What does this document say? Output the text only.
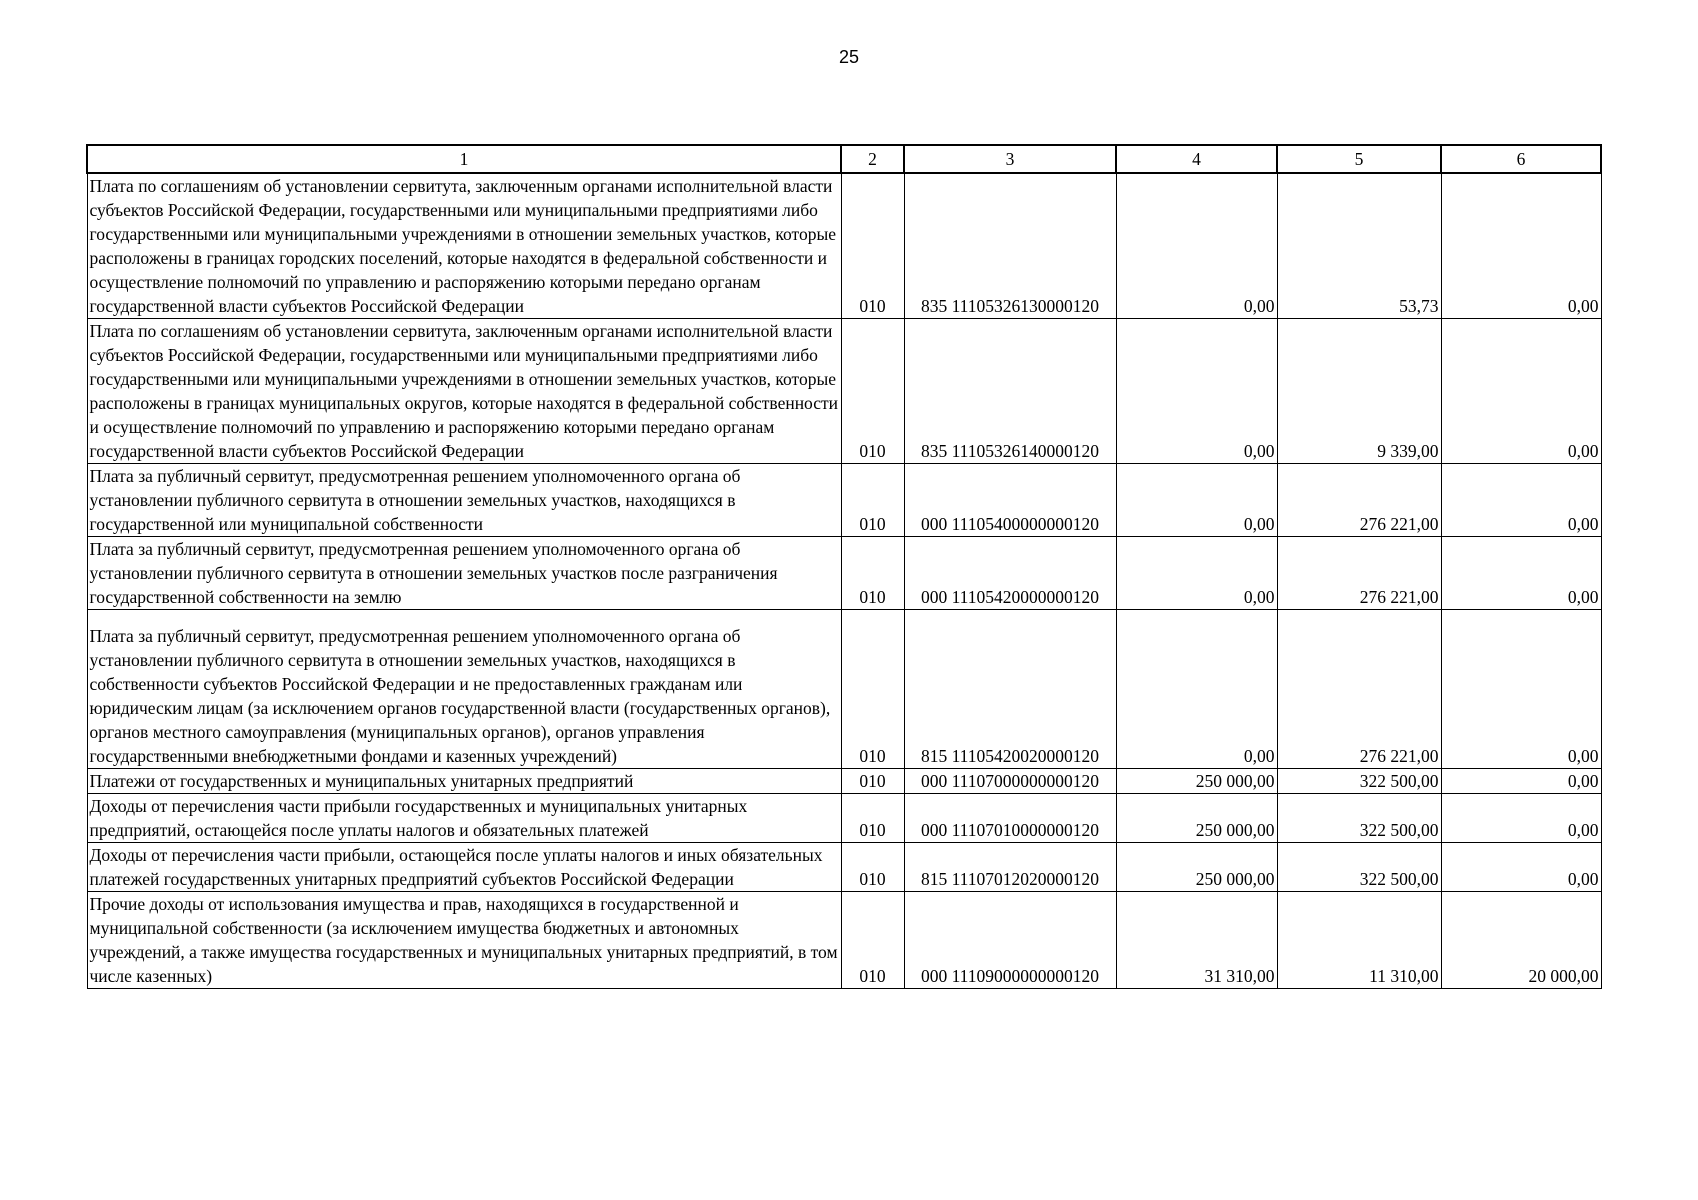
25
1	2	3	4	5	6
Плата по соглашениям об установлении сервитута, заключенным органами исполнительной власти субъектов Российской Федерации, государственными или муниципальными предприятиями либо государственными или муниципальными учреждениями в отношении земельных участков, которые расположены в границах городских поселений, которые находятся в федеральной собственности и осуществление полномочий по управлению и распоряжению которыми передано органам государственной власти субъектов Российской Федерации	010	835 11105326130000120	0,00	53,73	0,00
Плата по соглашениям об установлении сервитута, заключенным органами исполнительной власти субъектов Российской Федерации, государственными или муниципальными предприятиями либо государственными или муниципальными учреждениями в отношении земельных участков, которые расположены в границах муниципальных округов, которые находятся в федеральной собственности и осуществление полномочий по управлению и распоряжению которыми передано органам государственной власти субъектов Российской Федерации	010	835 11105326140000120	0,00	9 339,00	0,00
Плата за публичный сервитут, предусмотренная решением уполномоченного органа об установлении публичного сервитута в отношении земельных участков, находящихся в государственной или муниципальной собственности	010	000 11105400000000120	0,00	276 221,00	0,00
Плата за публичный сервитут, предусмотренная решением уполномоченного органа об установлении публичного сервитута в отношении земельных участков после разграничения государственной собственности на землю	010	000 11105420000000120	0,00	276 221,00	0,00
Плата за публичный сервитут, предусмотренная решением уполномоченного органа об установлении публичного сервитута в отношении земельных участков, находящихся в собственности субъектов Российской Федерации и не предоставленных гражданам или юридическим лицам (за исключением органов государственной власти (государственных органов), органов местного самоуправления (муниципальных органов), органов управления государственными внебюджетными фондами и казенных учреждений)	010	815 11105420020000120	0,00	276 221,00	0,00
Платежи от государственных и муниципальных унитарных предприятий	010	000 11107000000000120	250 000,00	322 500,00	0,00
Доходы от перечисления части прибыли государственных и муниципальных унитарных предприятий, остающейся после уплаты налогов и обязательных платежей	010	000 11107010000000120	250 000,00	322 500,00	0,00
Доходы от перечисления части прибыли, остающейся после уплаты налогов и иных обязательных платежей государственных унитарных предприятий субъектов Российской Федерации	010	815 11107012020000120	250 000,00	322 500,00	0,00
Прочие доходы от использования имущества и прав, находящихся в государственной и муниципальной собственности (за исключением имущества бюджетных и автономных учреждений, а также имущества государственных и муниципальных унитарных предприятий, в том числе казенных)	010	000 11109000000000120	31 310,00	11 310,00	20 000,00
